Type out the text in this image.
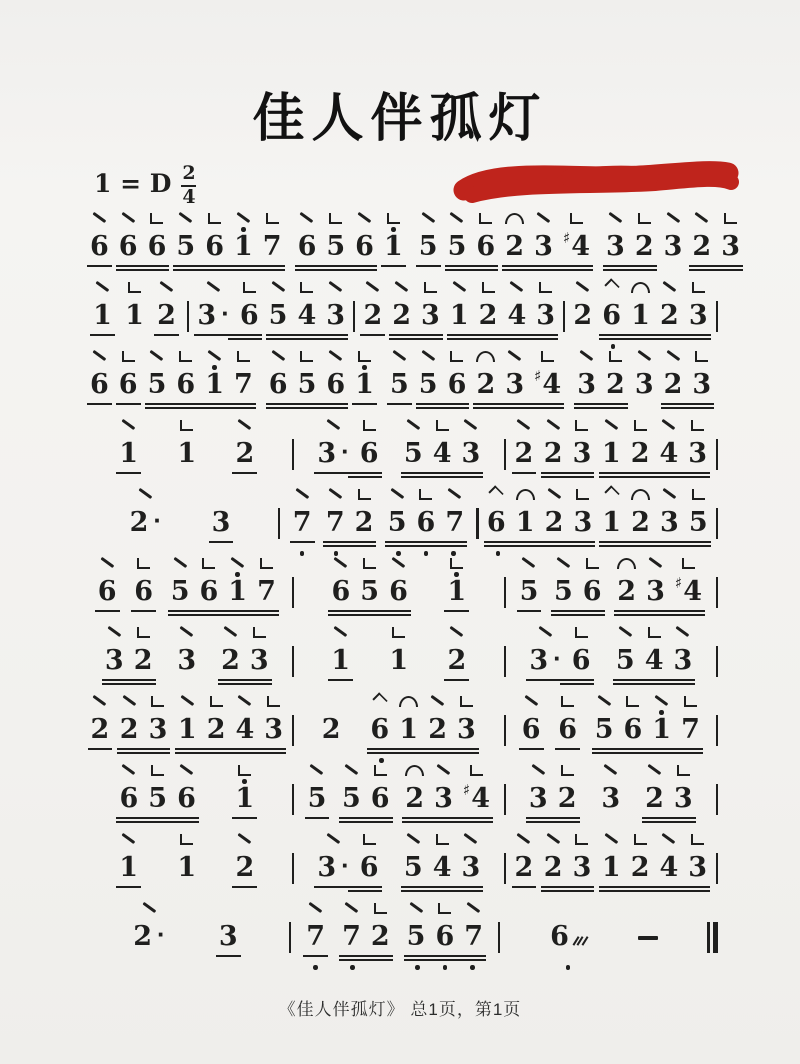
佳人伴孤灯
1 = D $\frac{2}{4}$
6 6 6 5 6 1 7 6 5 6 1 5 5 6 2 3 ♯ 4 3 2 3 2 3
1 1 2 3 · 6 5 4 3 2 2 3 1 2 4 3 2 6 1 2 3
6 6 5 6 1 7 6 5 6 1 5 5 6 2 3 ♯ 4 3 2 3 2 3
1 1 2 3 · 6 5 4 3 2 2 3 1 2 4 3
2 · 3 7 7 2 5 6 7 6 1 2 3 1 2 3 5
6 6 5 6 1 7 6 5 6 1 5 5 6 2 3 ♯ 4
3 2 3 2 3 1 1 2 3 · 6 5 4 3
2 2 3 1 2 4 3 2 6 1 2 3 6 6 5 6 1 7
6 5 6 1 5 5 6 2 3 ♯ 4 3 2 3 2 3
1 1 2 3 · 6 5 4 3 2 2 3 1 2 4 3
2 · 3	7 7 2 5 6 7 6
《佳人伴孤灯》 总1页，第1页
